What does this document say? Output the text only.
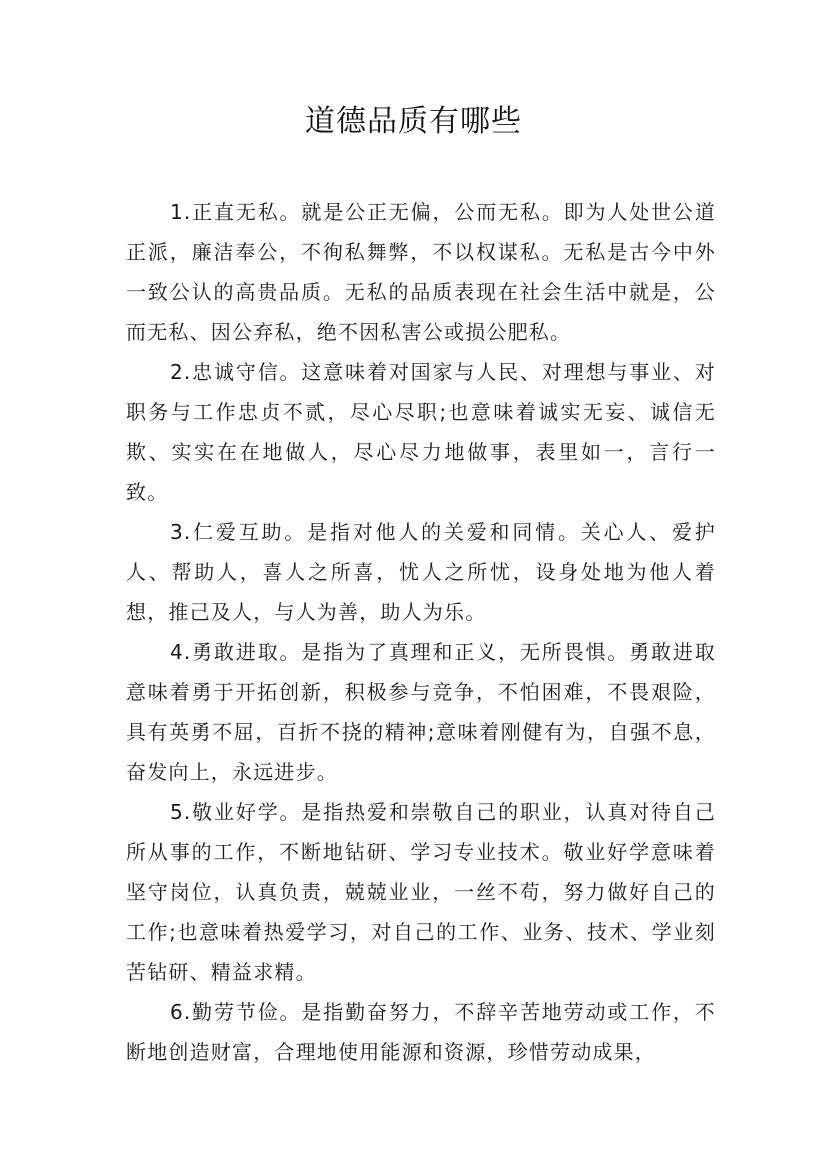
道德品质有哪些

1.正直无私。就是公正无偏，公而无私。即为人处世公道正派，廉洁奉公，不徇私舞弊，不以权谋私。无私是古今中外一致公认的高贵品质。无私的品质表现在社会生活中就是，公而无私、因公弃私，绝不因私害公或损公肥私。

2.忠诚守信。这意味着对国家与人民、对理想与事业、对职务与工作忠贞不贰，尽心尽职;也意味着诚实无妄、诚信无欺、实实在在地做人，尽心尽力地做事，表里如一，言行一致。

3.仁爱互助。是指对他人的关爱和同情。关心人、爱护人、帮助人，喜人之所喜，忧人之所忧，设身处地为他人着想，推己及人，与人为善，助人为乐。

4.勇敢进取。是指为了真理和正义，无所畏惧。勇敢进取意味着勇于开拓创新，积极参与竞争，不怕困难，不畏艰险，具有英勇不屈，百折不挠的精神;意味着刚健有为，自强不息，奋发向上，永远进步。

5.敬业好学。是指热爱和崇敬自己的职业，认真对待自己所从事的工作，不断地钻研、学习专业技术。敬业好学意味着坚守岗位，认真负责，兢兢业业，一丝不苟，努力做好自己的工作;也意味着热爱学习，对自己的工作、业务、技术、学业刻苦钻研、精益求精。

6.勤劳节俭。是指勤奋努力，不辞辛苦地劳动或工作，不断地创造财富，合理地使用能源和资源，珍惜劳动成果，
